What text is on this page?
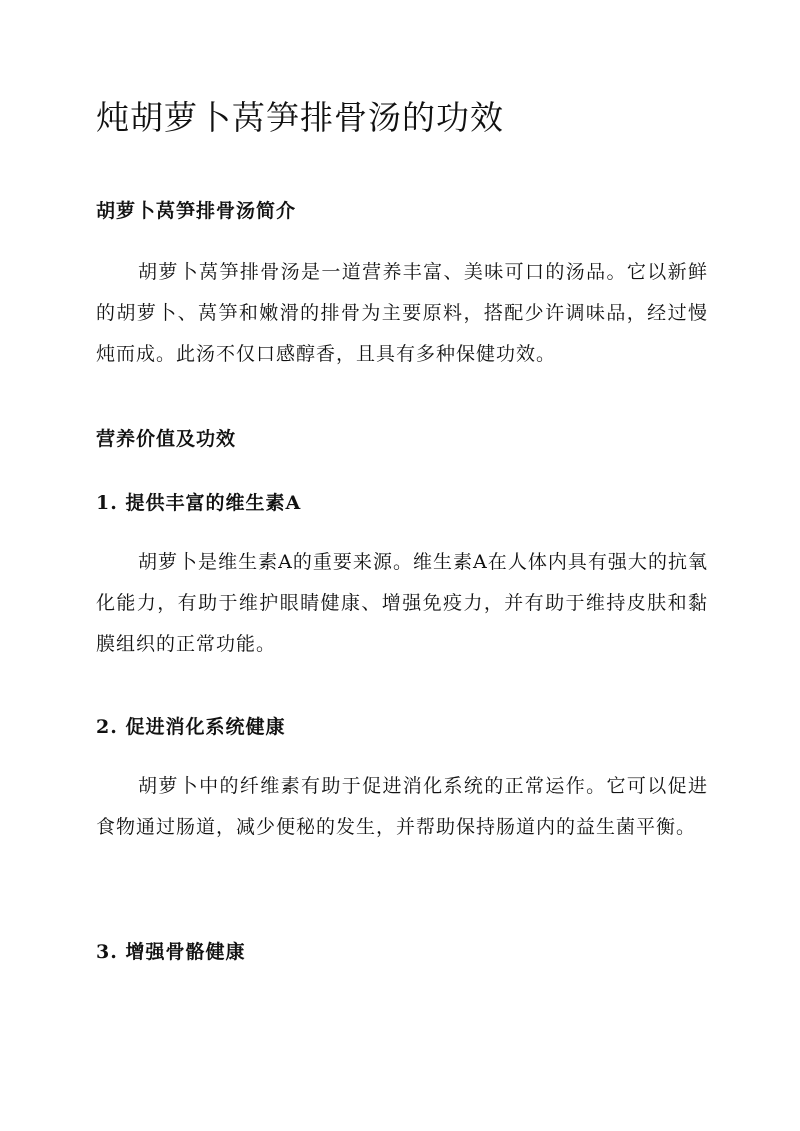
炖胡萝卜莴笋排骨汤的功效
胡萝卜莴笋排骨汤简介

胡萝卜莴笋排骨汤是一道营养丰富、美味可口的汤品。它以新鲜的胡萝卜、莴笋和嫩滑的排骨为主要原料，搭配少许调味品，经过慢炖而成。此汤不仅口感醇香，且具有多种保健功效。

营养价值及功效
1. 提供丰富的维生素A

胡萝卜是维生素A的重要来源。维生素A在人体内具有强大的抗氧化能力，有助于维护眼睛健康、增强免疫力，并有助于维持皮肤和黏膜组织的正常功能。

2. 促进消化系统健康

胡萝卜中的纤维素有助于促进消化系统的正常运作。它可以促进食物通过肠道，减少便秘的发生，并帮助保持肠道内的益生菌平衡。

3. 增强骨骼健康
